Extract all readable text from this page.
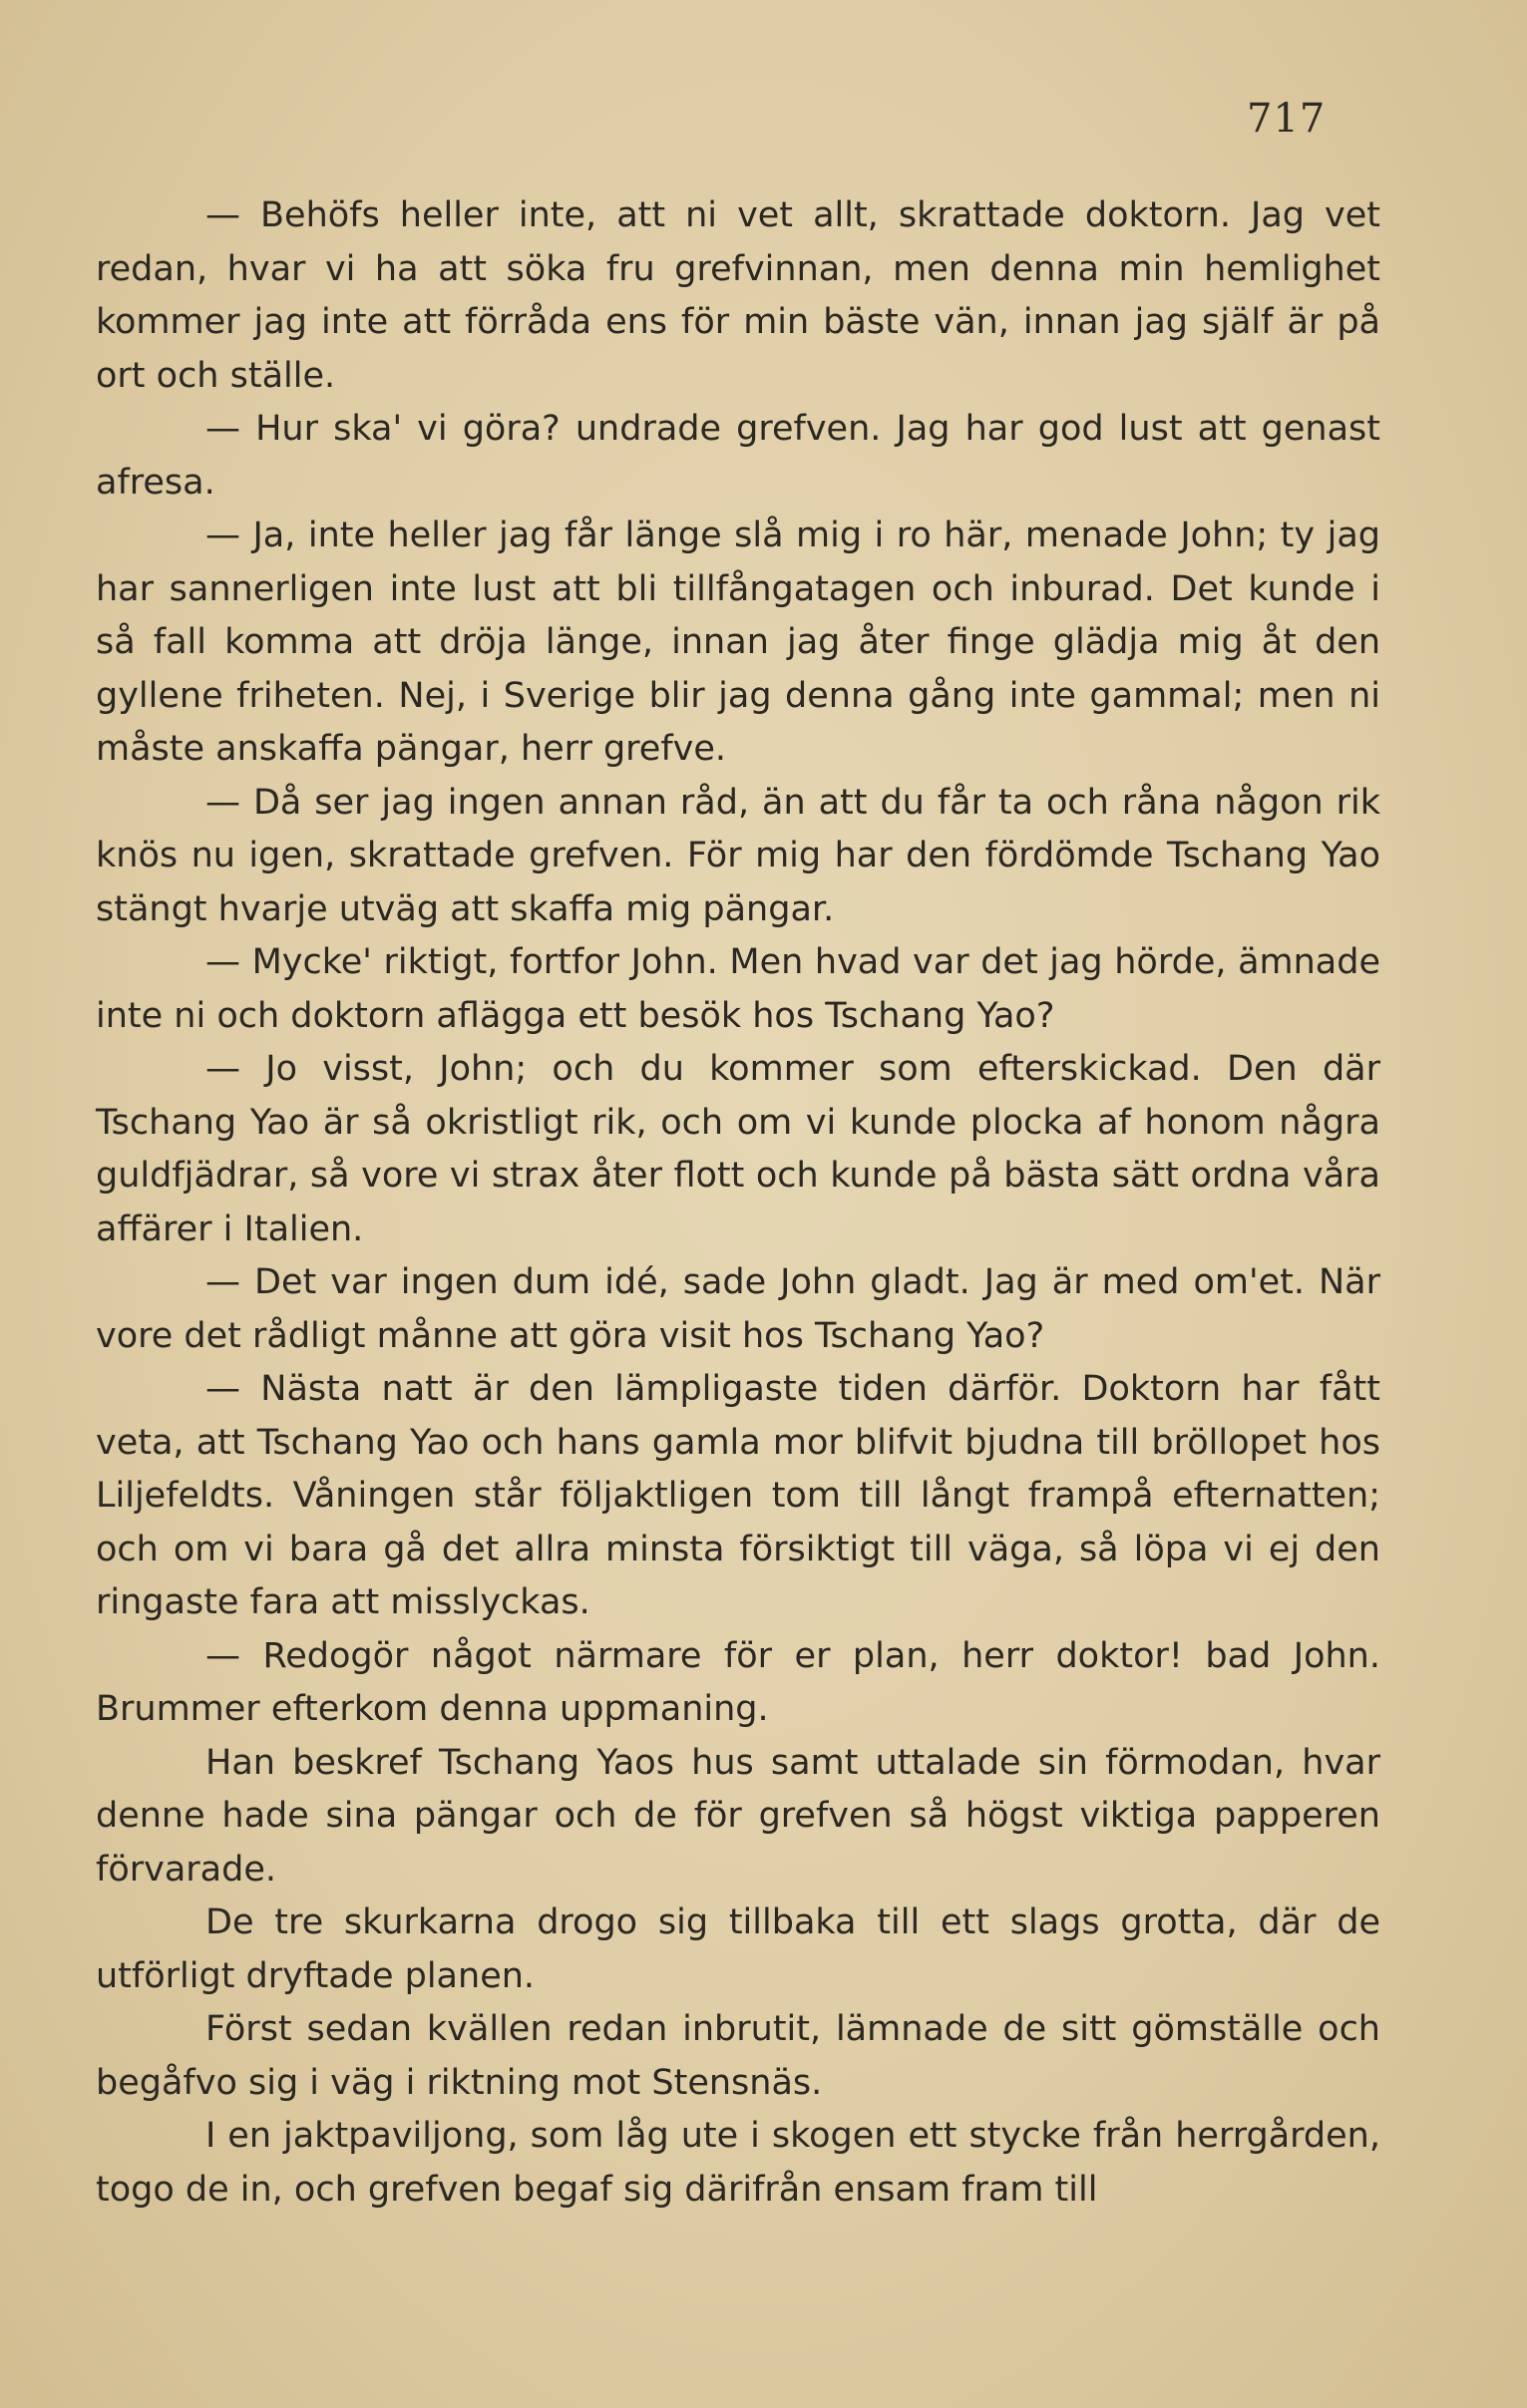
717

— Behöfs heller inte, att ni vet allt, skrattade doktorn. Jag vet redan, hvar vi ha att söka fru grefvinnan, men denna min hemlighet kommer jag inte att förråda ens för min bäste vän, innan jag själf är på ort och ställe.

— Hur ska' vi göra? undrade grefven. Jag har god lust att genast afresa.

— Ja, inte heller jag får länge slå mig i ro här, menade John; ty jag har sannerligen inte lust att bli tillfångatagen och inburad. Det kunde i så fall komma att dröja länge, innan jag åter finge glädja mig åt den gyllene friheten. Nej, i Sverige blir jag denna gång inte gammal; men ni måste anskaffa pängar, herr grefve.

— Då ser jag ingen annan råd, än att du får ta och råna någon rik knös nu igen, skrattade grefven. För mig har den fördömde Tschang Yao stängt hvarje utväg att skaffa mig pängar.

— Mycke' riktigt, fortfor John. Men hvad var det jag hörde, ämnade inte ni och doktorn aflägga ett besök hos Tschang Yao?

— Jo visst, John; och du kommer som efterskickad. Den där Tschang Yao är så okristligt rik, och om vi kunde plocka af honom några guldfjädrar, så vore vi strax åter flott och kunde på bästa sätt ordna våra affärer i Italien.

— Det var ingen dum idé, sade John gladt. Jag är med om'et. När vore det rådligt månne att göra visit hos Tschang Yao?

— Nästa natt är den lämpligaste tiden därför. Doktorn har fått veta, att Tschang Yao och hans gamla mor blifvit bjudna till bröllopet hos Liljefeldts. Våningen står följaktligen tom till långt frampå efternatten; och om vi bara gå det allra minsta försiktigt till väga, så löpa vi ej den ringaste fara att misslyckas.

— Redogör något närmare för er plan, herr doktor! bad John. Brummer efterkom denna uppmaning.

Han beskref Tschang Yaos hus samt uttalade sin förmodan, hvar denne hade sina pängar och de för grefven så högst viktiga papperen förvarade.

De tre skurkarna drogo sig tillbaka till ett slags grotta, där de utförligt dryftade planen.

Först sedan kvällen redan inbrutit, lämnade de sitt gömställe och begåfvo sig i väg i riktning mot Stensnäs.

I en jaktpaviljong, som låg ute i skogen ett stycke från herrgården, togo de in, och grefven begaf sig därifrån ensam fram till
